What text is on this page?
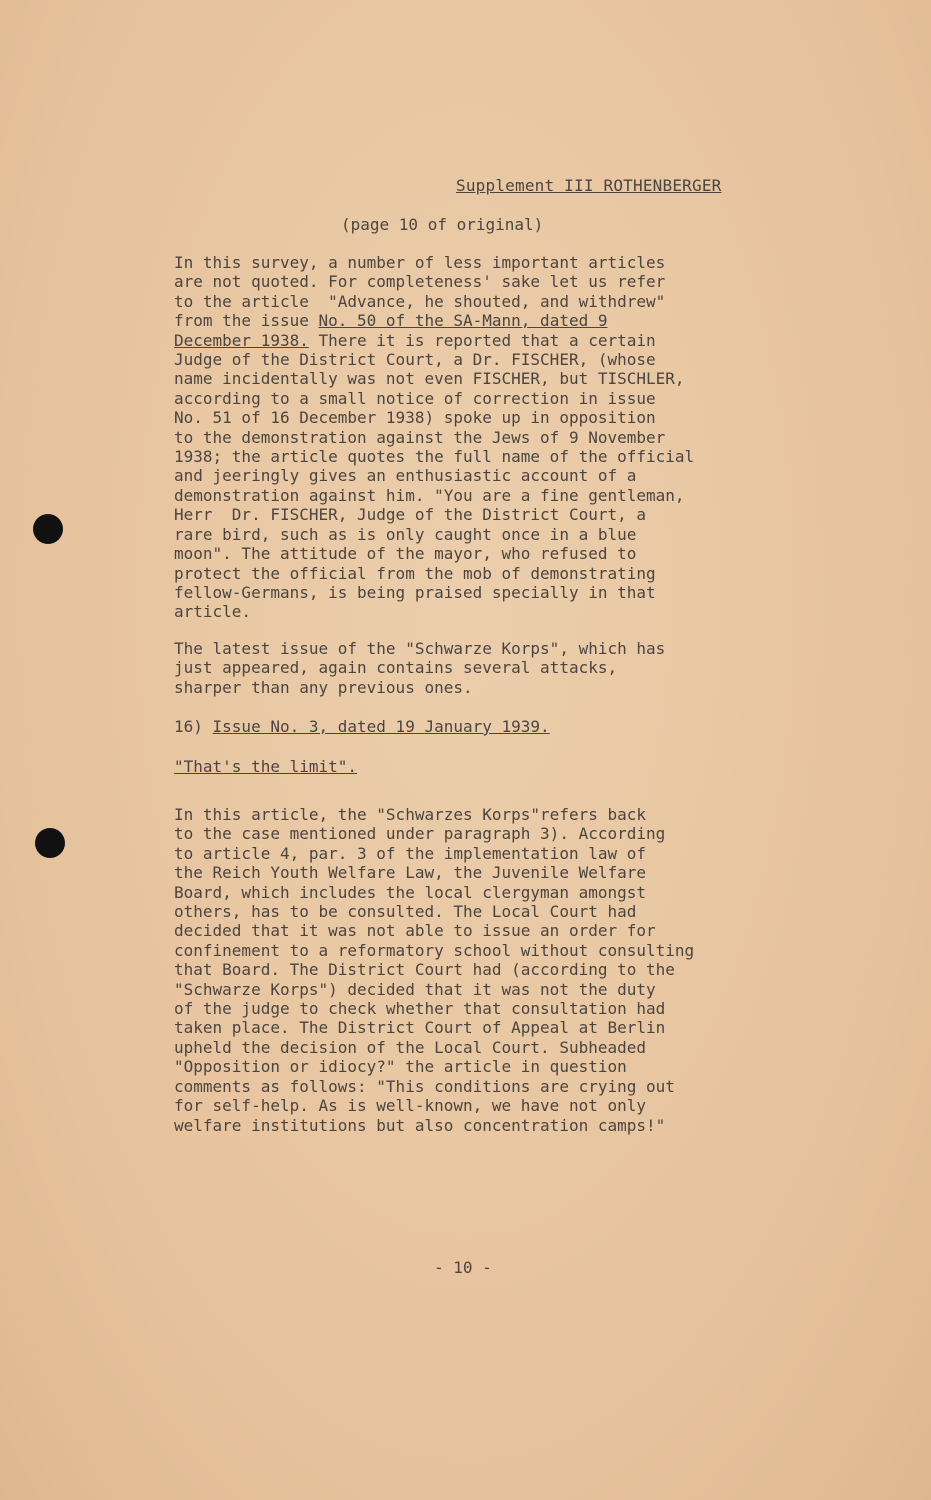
Supplement III ROTHENBERGER
(page 10 of original)
In this survey, a number of less important articles
are not quoted. For completeness' sake let us refer
to the article  "Advance, he shouted, and withdrew"
from the issue No. 50 of the SA-Mann, dated 9
December 1938. There it is reported that a certain
Judge of the District Court, a Dr. FISCHER, (whose
name incidentally was not even FISCHER, but TISCHLER,
according to a small notice of correction in issue
No. 51 of 16 December 1938) spoke up in opposition
to the demonstration against the Jews of 9 November
1938; the article quotes the full name of the official
and jeeringly gives an enthusiastic account of a
demonstration against him. "You are a fine gentleman,
Herr  Dr. FISCHER, Judge of the District Court, a
rare bird, such as is only caught once in a blue
moon". The attitude of the mayor, who refused to
protect the official from the mob of demonstrating
fellow-Germans, is being praised specially in that
article.
The latest issue of the "Schwarze Korps", which has
just appeared, again contains several attacks,
sharper than any previous ones.
16) Issue No. 3, dated 19 January 1939.
"That's the limit".
In this article, the "Schwarzes Korps"refers back
to the case mentioned under paragraph 3). According
to article 4, par. 3 of the implementation law of
the Reich Youth Welfare Law, the Juvenile Welfare
Board, which includes the local clergyman amongst
others, has to be consulted. The Local Court had
decided that it was not able to issue an order for
confinement to a reformatory school without consulting
that Board. The District Court had (according to the
"Schwarze Korps") decided that it was not the duty
of the judge to check whether that consultation had
taken place. The District Court of Appeal at Berlin
upheld the decision of the Local Court. Subheaded
"Opposition or idiocy?" the article in question
comments as follows: "This conditions are crying out
for self-help. As is well-known, we have not only
welfare institutions but also concentration camps!"
- 10 -
